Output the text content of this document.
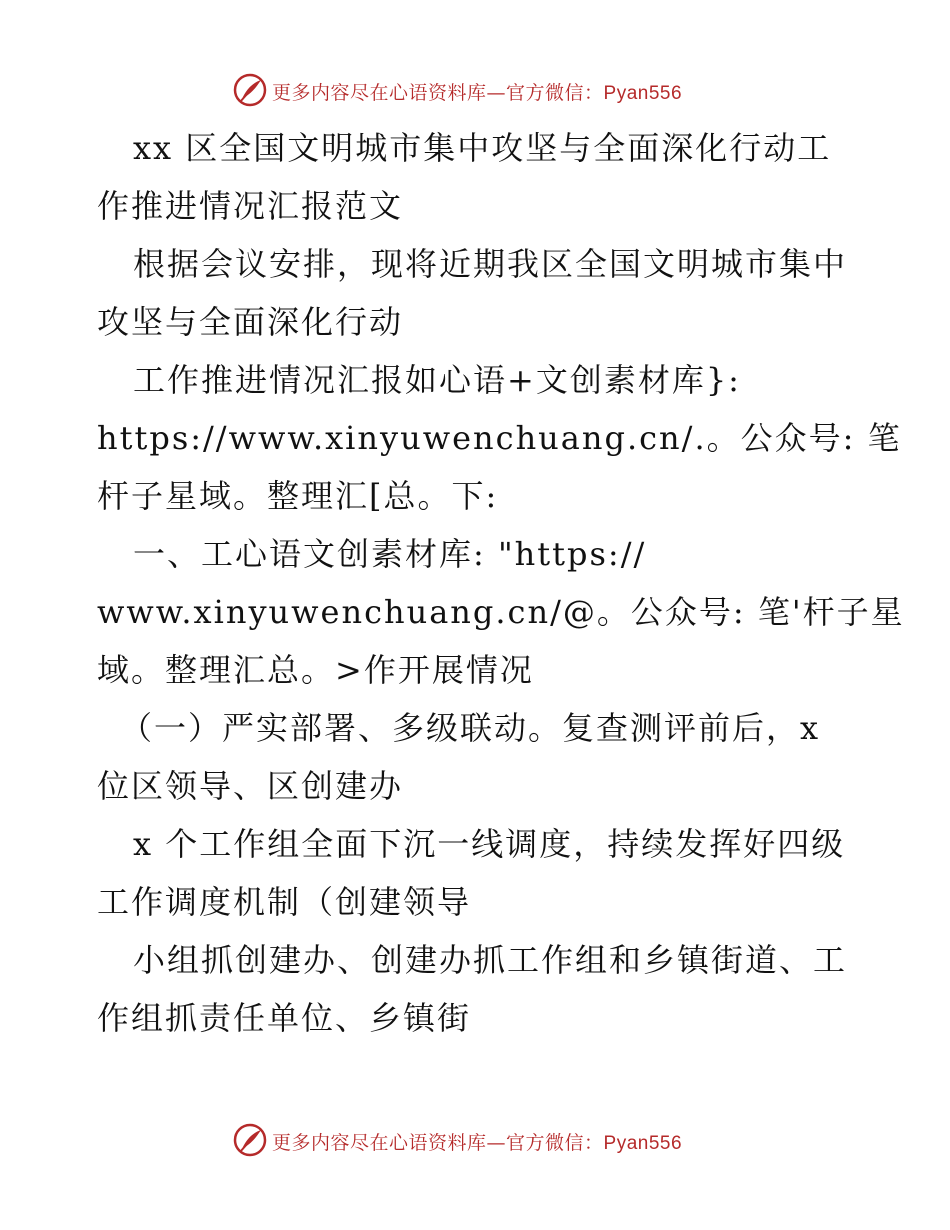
更多内容尽在心语资料库—官方微信：Pyan556
xx 区全国文明城市集中攻坚与全面深化行动工
作推进情况汇报范文
根据会议安排，现将近期我区全国文明城市集中
攻坚与全面深化行动
工作推进情况汇报如心语+文创素材库}:
https://www.xinyuwenchuang.cn/.。公众号: 笔
杆子星域。整理汇[总。下:
一、工心语文创素材库: "https://
www.xinyuwenchuang.cn/@。公众号: 笔'杆子星
域。整理汇总。>作开展情况
（一）严实部署、多级联动。复查测评前后，x
位区领导、区创建办
x 个工作组全面下沉一线调度，持续发挥好四级
工作调度机制（创建领导
小组抓创建办、创建办抓工作组和乡镇街道、工
作组抓责任单位、乡镇街
更多内容尽在心语资料库—官方微信：Pyan556
